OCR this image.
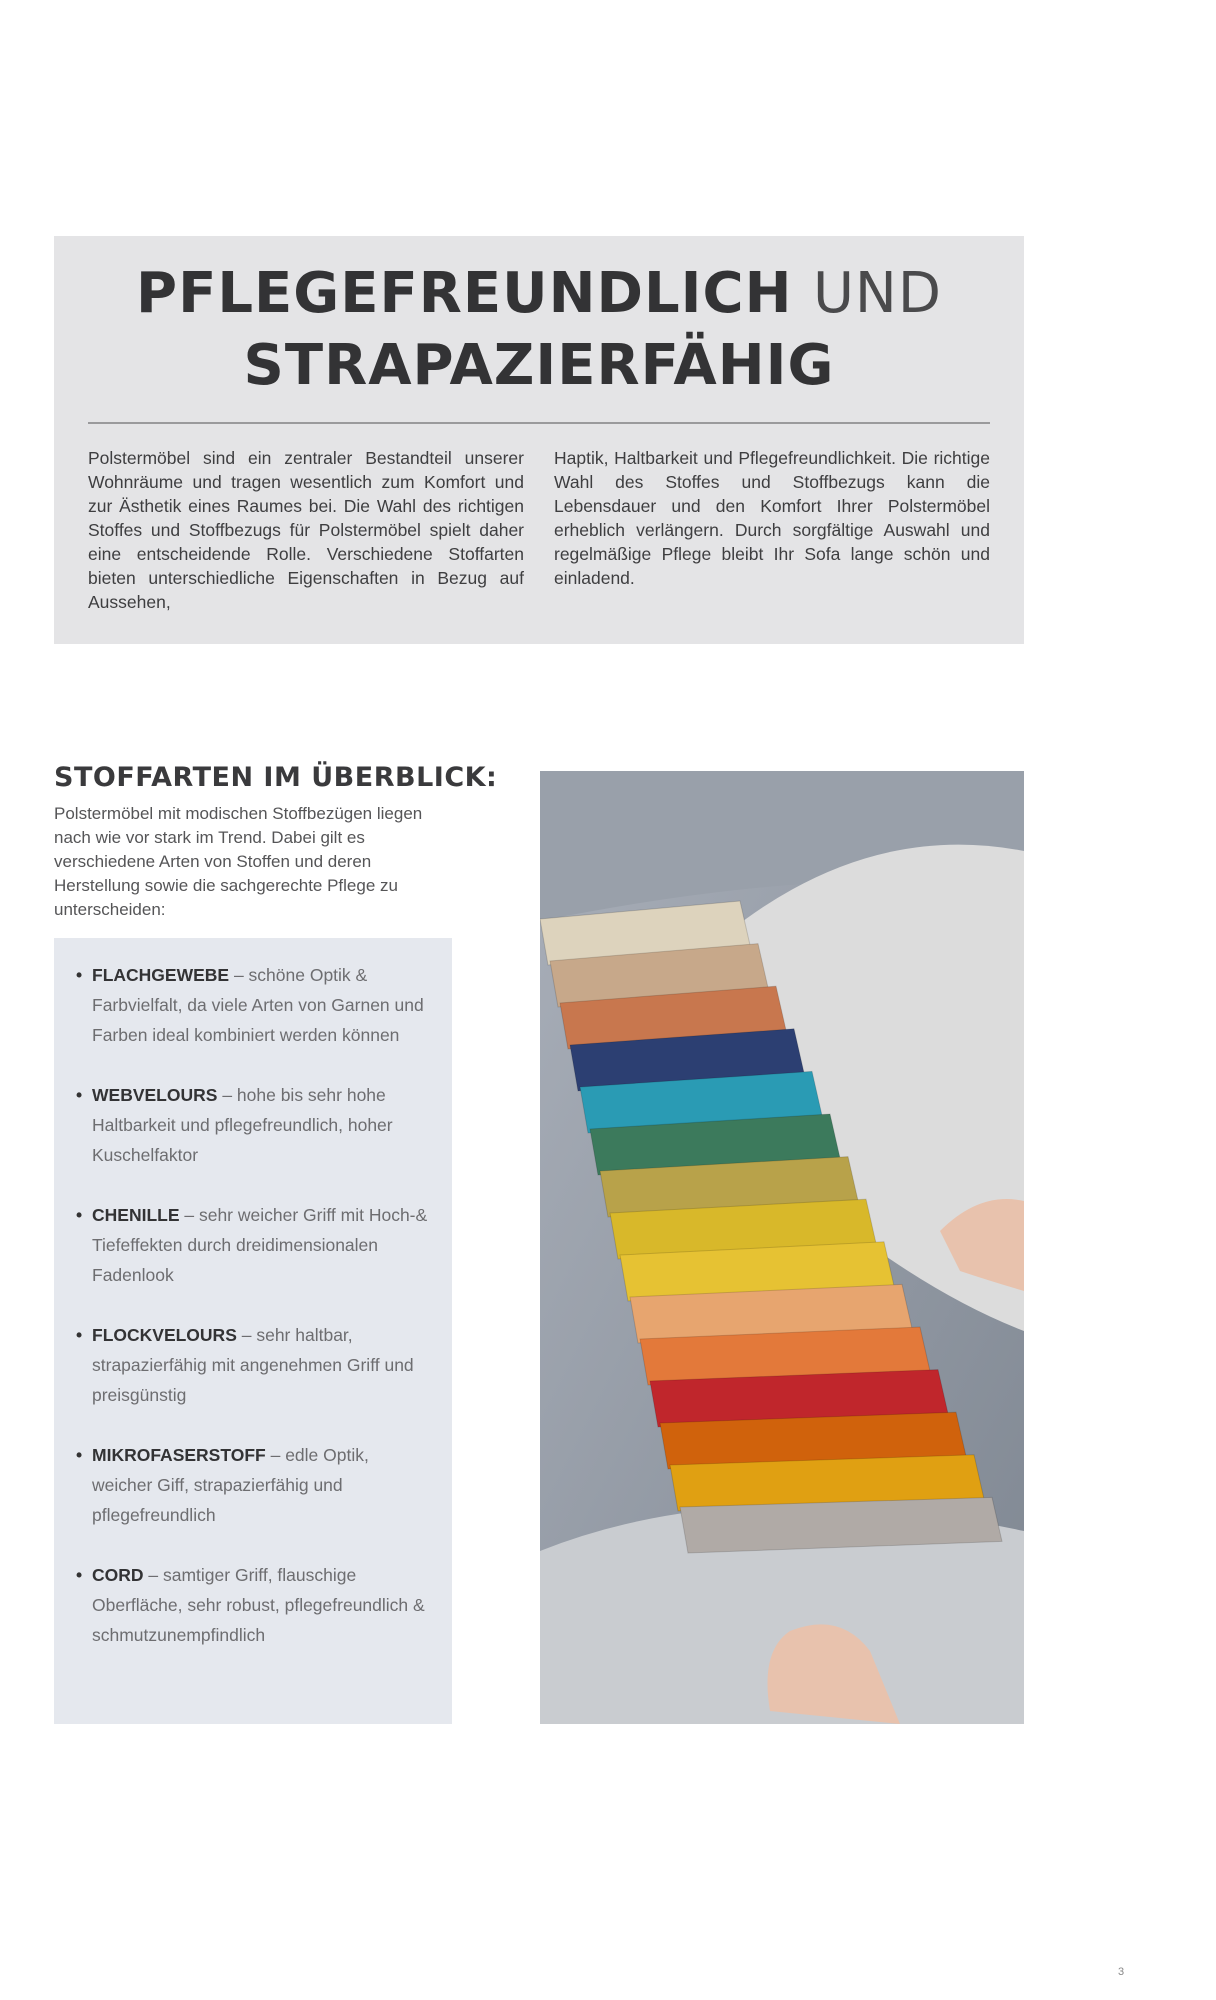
PFLEGEFREUNDLICH UND
STRAPAZIERFÄHIG

Polstermöbel sind ein zentraler Bestandteil unserer Wohnräume und tragen wesentlich zum Komfort und zur Ästhetik eines Raumes bei. Die Wahl des richtigen Stoffes und Stoffbezugs für Polstermöbel spielt daher eine entscheidende Rolle. Verschiedene Stoffarten bieten unterschiedliche Eigenschaften in Bezug auf Aussehen,

Haptik, Haltbarkeit und Pflegefreundlichkeit. Die richtige Wahl des Stoffes und Stoffbezugs kann die Lebensdauer und den Komfort Ihrer Polstermöbel erheblich verlängern. Durch sorgfältige Auswahl und regelmäßige Pflege bleibt Ihr Sofa lange schön und einladend.

STOFFARTEN IM ÜBERBLICK:

Polstermöbel mit modischen Stoffbezügen liegen nach wie vor stark im Trend. Dabei gilt es verschiedene Arten von Stoffen und deren Herstellung sowie die sachgerechte Pflege zu unterscheiden:

• FLACHGEWEBE – schöne Optik & Farbvielfalt, da viele Arten von Garnen und Farben ideal kombiniert werden können
• WEBVELOURS – hohe bis sehr hohe Haltbarkeit und pflegefreundlich, hoher Kuschelfaktor
• CHENILLE – sehr weicher Griff mit Hoch-& Tiefeffekten durch dreidimensionalen Fadenlook
• FLOCKVELOURS – sehr haltbar, strapazierfähig mit angenehmen Griff und preisgünstig
• MIKROFASERSTOFF – edle Optik, weicher Giff, strapazierfähig und pflegefreundlich
• CORD – samtiger Griff, flauschige Oberfläche, sehr robust, pflegefreundlich & schmutzunempfindlich
3
